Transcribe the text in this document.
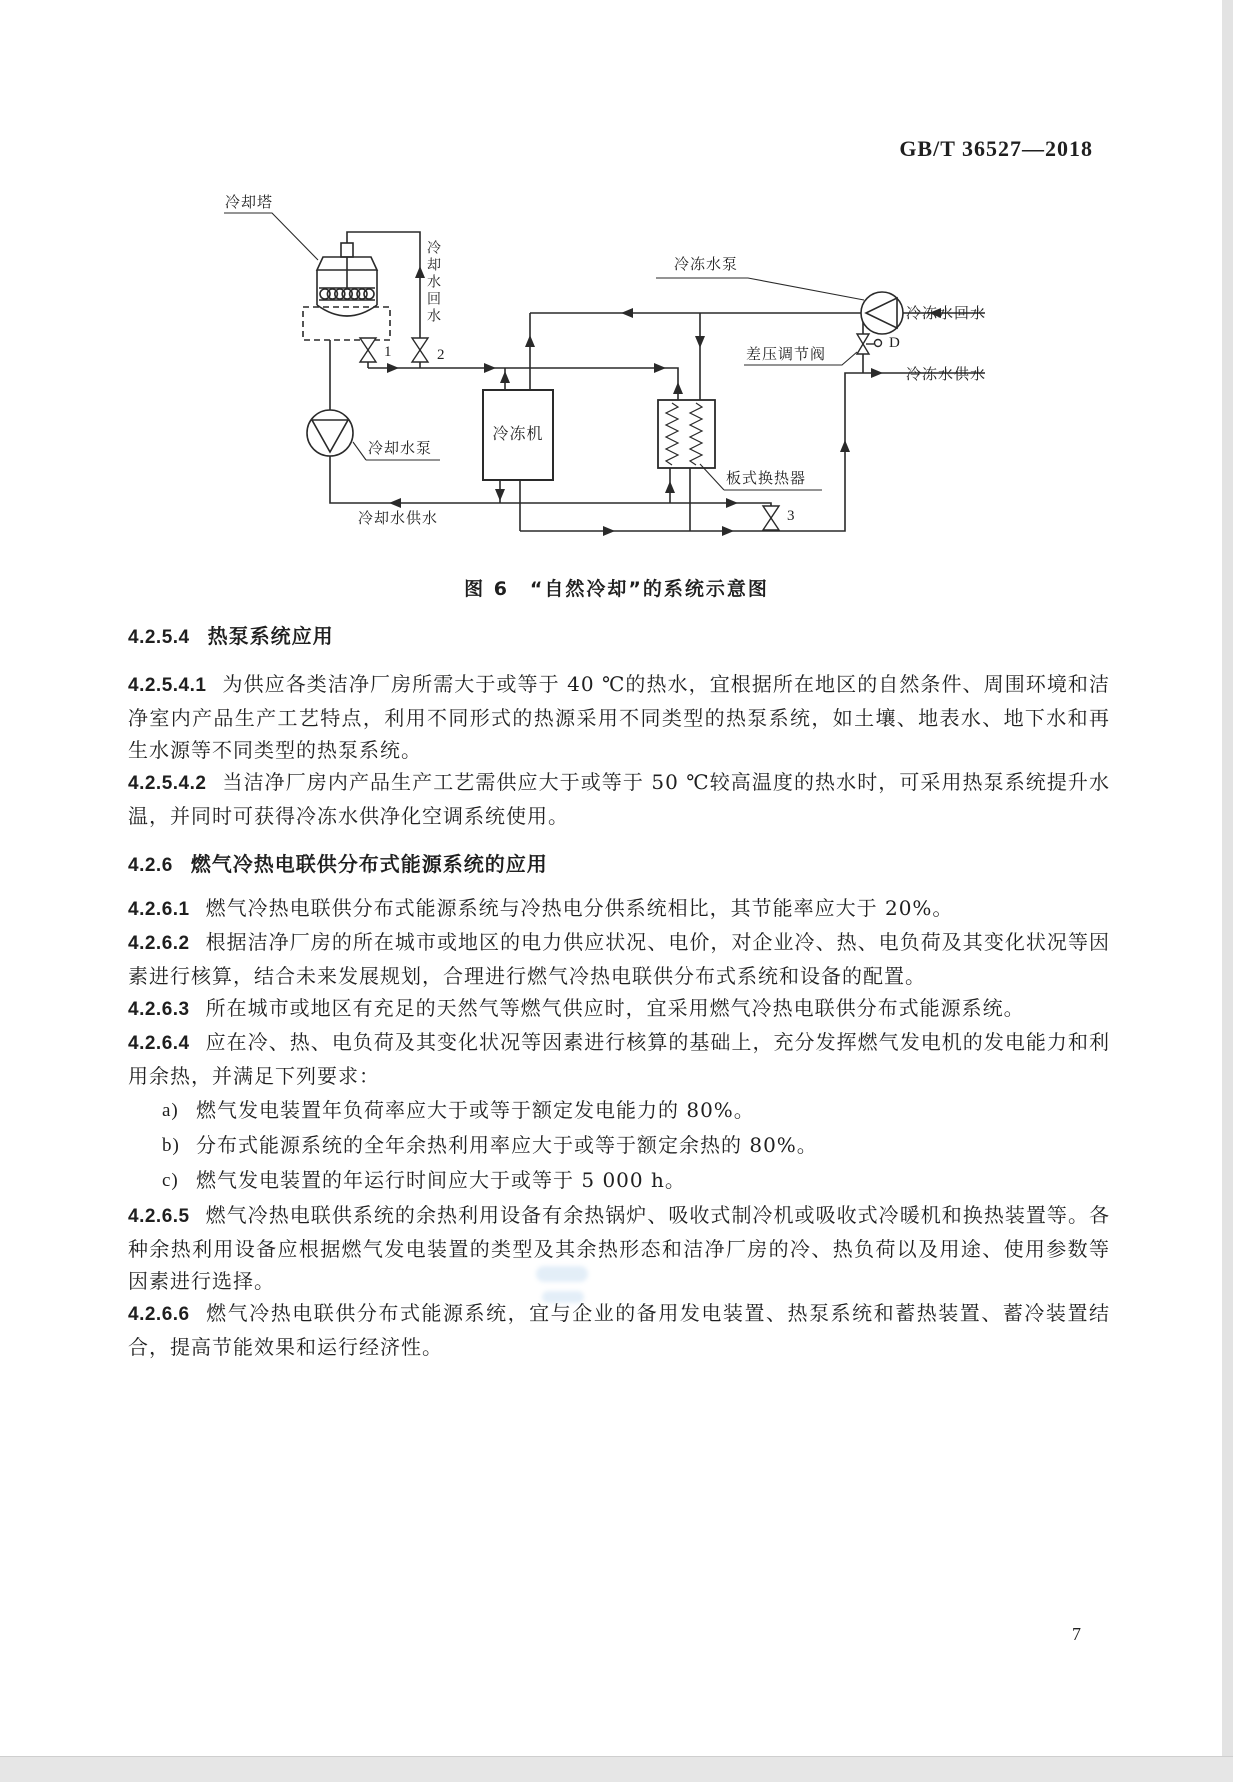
GB/T 36527—2018
冷却塔
冷却水回水
冷却水泵
冷冻机
冷冻水泵
差压调节阀
冷冻水回水
冷冻水供水
板式换热器
冷却水供水
1	2
3
D
图 6　“自然冷却”的系统示意图
4.2.5.4 热泵系统应用

4.2.5.4.1 为供应各类洁净厂房所需大于或等于 40 ℃的热水，宜根据所在地区的自然条件、周围环境和洁净室内产品生产工艺特点，利用不同形式的热源采用不同类型的热泵系统，如土壤、地表水、地下水和再生水源等不同类型的热泵系统。

4.2.5.4.2 当洁净厂房内产品生产工艺需供应大于或等于 50 ℃较高温度的热水时，可采用热泵系统提升水温，并同时可获得冷冻水供净化空调系统使用。

4.2.6 燃气冷热电联供分布式能源系统的应用

4.2.6.1 燃气冷热电联供分布式能源系统与冷热电分供系统相比，其节能率应大于 20%。

4.2.6.2 根据洁净厂房的所在城市或地区的电力供应状况、电价，对企业冷、热、电负荷及其变化状况等因素进行核算，结合未来发展规划，合理进行燃气冷热电联供分布式系统和设备的配置。

4.2.6.3 所在城市或地区有充足的天然气等燃气供应时，宜采用燃气冷热电联供分布式能源系统。

4.2.6.4 应在冷、热、电负荷及其变化状况等因素进行核算的基础上，充分发挥燃气发电机的发电能力和利用余热，并满足下列要求：

a) 燃气发电装置年负荷率应大于或等于额定发电能力的 80%。
b) 分布式能源系统的全年余热利用率应大于或等于额定余热的 80%。
c) 燃气发电装置的年运行时间应大于或等于 5 000 h。

4.2.6.5 燃气冷热电联供系统的余热利用设备有余热锅炉、吸收式制冷机或吸收式冷暖机和换热装置等。各种余热利用设备应根据燃气发电装置的类型及其余热形态和洁净厂房的冷、热负荷以及用途、使用参数等因素进行选择。

4.2.6.6 燃气冷热电联供分布式能源系统，宜与企业的备用发电装置、热泵系统和蓄热装置、蓄冷装置结合，提高节能效果和运行经济性。

7
